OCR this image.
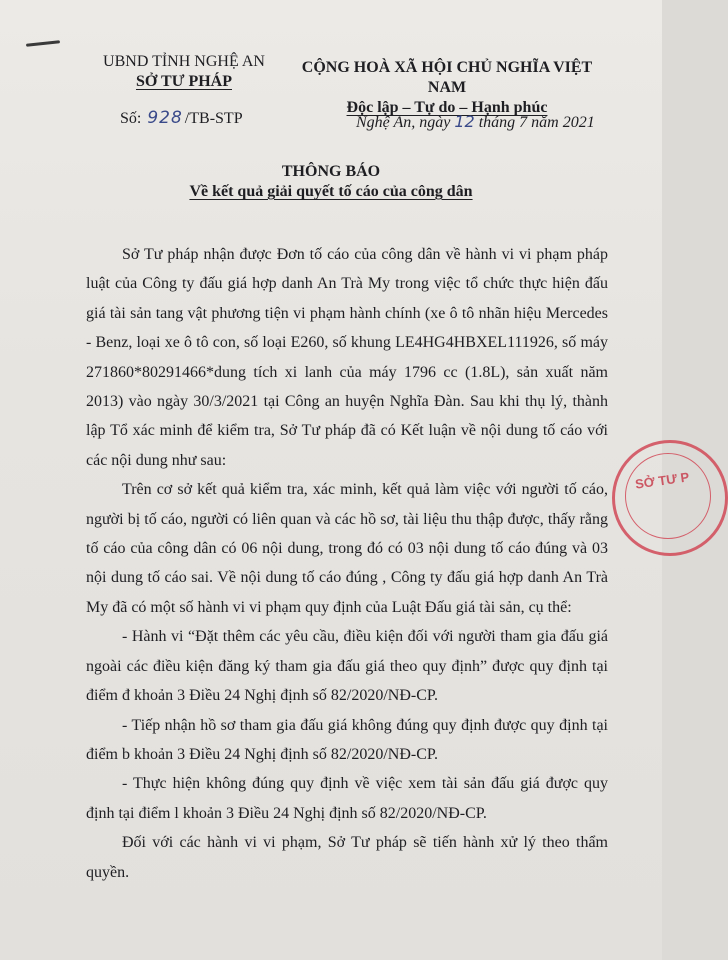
UBND TỈNH NGHỆ AN
SỞ TƯ PHÁP
CỘNG HOÀ XÃ HỘI CHỦ NGHĨA VIỆT NAM
Độc lập – Tự do – Hạnh phúc
Số: 928 /TB-STP	Nghệ An, ngày 12 tháng 7 năm 2021
THÔNG BÁO
Về kết quả giải quyết tố cáo của công dân

Sở Tư pháp nhận được Đơn tố cáo của công dân về hành vi vi phạm pháp luật của Công ty đấu giá hợp danh An Trà My trong việc tổ chức thực hiện đấu giá tài sản tang vật phương tiện vi phạm hành chính (xe ô tô nhãn hiệu Mercedes - Benz, loại xe ô tô con, số loại E260, số khung LE4HG4HBXEL111926, số máy 271860*80291466*dung tích xi lanh của máy 1796 cc (1.8L), sản xuất năm 2013) vào ngày 30/3/2021 tại Công an huyện Nghĩa Đàn. Sau khi thụ lý, thành lập Tổ xác minh để kiểm tra, Sở Tư pháp đã có Kết luận về nội dung tố cáo với các nội dung như sau:

Trên cơ sở kết quả kiểm tra, xác minh, kết quả làm việc với người tố cáo, người bị tố cáo, người có liên quan và các hồ sơ, tài liệu thu thập được, thấy rằng tố cáo của công dân có 06 nội dung, trong đó có 03 nội dung tố cáo đúng và 03 nội dung tố cáo sai. Về nội dung tố cáo đúng , Công ty đấu giá hợp danh An Trà My đã có một số hành vi vi phạm quy định của Luật Đấu giá tài sản, cụ thể:

- Hành vi “Đặt thêm các yêu cầu, điều kiện đối với người tham gia đấu giá ngoài các điều kiện đăng ký tham gia đấu giá theo quy định” được quy định tại điểm đ khoản 3 Điều 24 Nghị định số 82/2020/NĐ-CP.

- Tiếp nhận hồ sơ tham gia đấu giá không đúng quy định được quy định tại điểm b khoản 3 Điều 24 Nghị định số 82/2020/NĐ-CP.

- Thực hiện không đúng quy định về việc xem tài sản đấu giá được quy định tại điểm l khoản 3 Điều 24 Nghị định số 82/2020/NĐ-CP.

Đối với các hành vi vi phạm, Sở Tư pháp sẽ tiến hành xử lý theo thẩm quyền.

SỞ TƯ P
